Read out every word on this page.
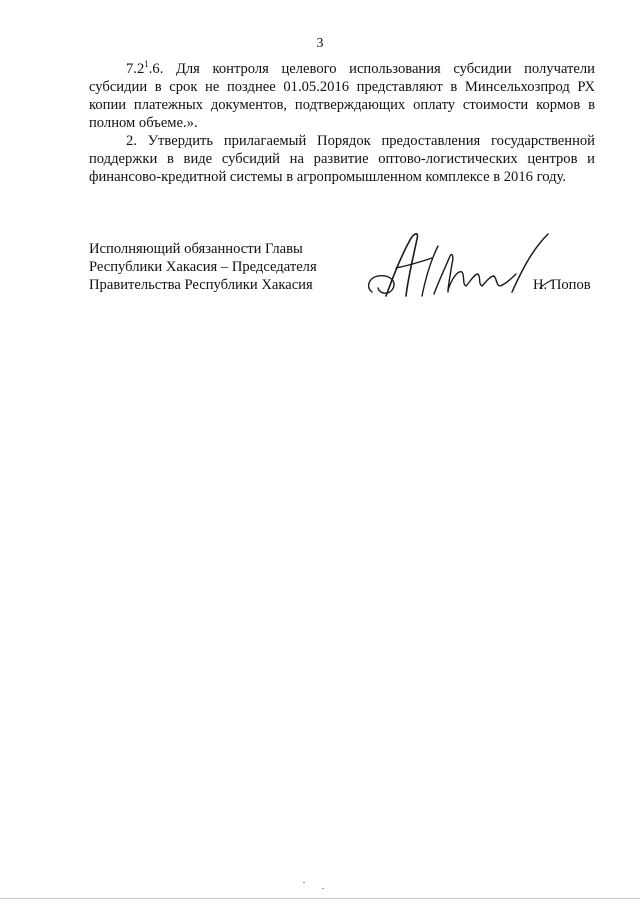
3

$7.2^1.6$. Для контроля целевого использования субсидии получатели субсидии в срок не позднее 01.05.2016 представляют в Минсельхозпрод РХ копии платежных документов, подтверждающих оплату стоимости кормов в полном объеме.».

2. Утвердить прилагаемый Порядок предоставления государственной поддержки в виде субсидий на развитие оптово-логистических центров и финансово-кредитной системы в агропромышленном комплексе в 2016 году.

Исполняющий обязанности Главы
Республики Хакасия – Председателя
Правительства Республики Хакасия	Н. Попов
